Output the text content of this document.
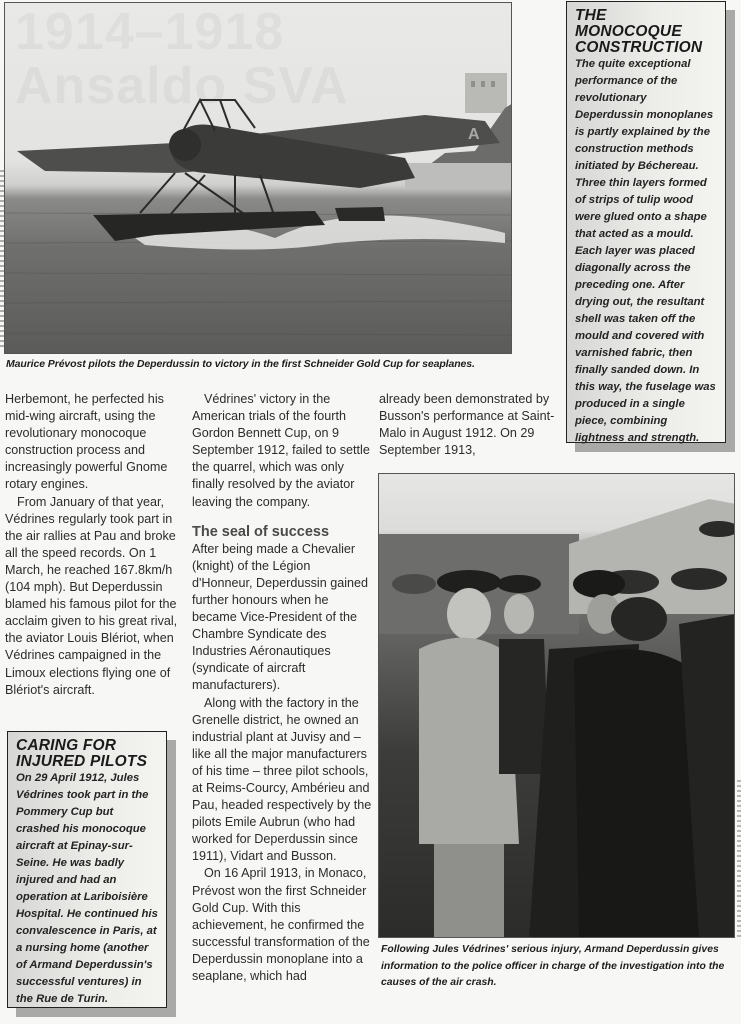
A
Maurice Prévost pilots the Deperdussin to victory in the first Schneider Gold Cup for seaplanes.
THE MONOCOQUE CONSTRUCTION
The quite exceptional performance of the revolutionary Deperdussin monoplanes is partly explained by the construction methods initiated by Béchereau. Three thin layers formed of strips of tulip wood were glued onto a shape that acted as a mould. Each layer was placed diagonally across the preceding one. After drying out, the resultant shell was taken off the mould and covered with varnished fabric, then finally sanded down. In this way, the fuselage was produced in a single piece, combining lightness and strength.

Herbemont, he perfected his mid-wing aircraft, using the revolutionary monocoque construction process and increasingly powerful Gnome rotary engines.

From January of that year, Védrines regularly took part in the air rallies at Pau and broke all the speed records. On 1 March, he reached 167.8km/h (104 mph). But Deperdussin blamed his famous pilot for the acclaim given to his great rival, the aviator Louis Blériot, when Védrines campaigned in the Limoux elections flying one of Blériot's aircraft.

Védrines' victory in the American trials of the fourth Gordon Bennett Cup, on 9 September 1912, failed to settle the quarrel, which was only finally resolved by the aviator leaving the company.

The seal of success

After being made a Chevalier (knight) of the Légion d'Honneur, Deperdussin gained further honours when he became Vice-President of the Chambre Syndicate des Industries Aéronautiques (syndicate of aircraft manufacturers).

Along with the factory in the Grenelle district, he owned an industrial plant at Juvisy and – like all the major manufacturers of his time – three pilot schools, at Reims-Courcy, Ambérieu and Pau, headed respectively by the pilots Emile Aubrun (who had worked for Deperdussin since 1911), Vidart and Busson.

On 16 April 1913, in Monaco, Prévost won the first Schneider Gold Cup. With this achievement, he confirmed the successful transformation of the Deperdussin monoplane into a seaplane, which had

already been demonstrated by Busson's performance at Saint-Malo in August 1912. On 29 September 1913,

CARING FOR INJURED PILOTS
On 29 April 1912, Jules Védrines took part in the Pommery Cup but crashed his monocoque aircraft at Epinay-sur-Seine. He was badly injured and had an operation at Lariboisière Hospital. He continued his convalescence in Paris, at a nursing home (another of Armand Deperdussin's successful ventures) in the Rue de Turin.
Following Jules Védrines' serious injury, Armand Deperdussin gives information to the police officer in charge of the investigation into the causes of the air crash.
